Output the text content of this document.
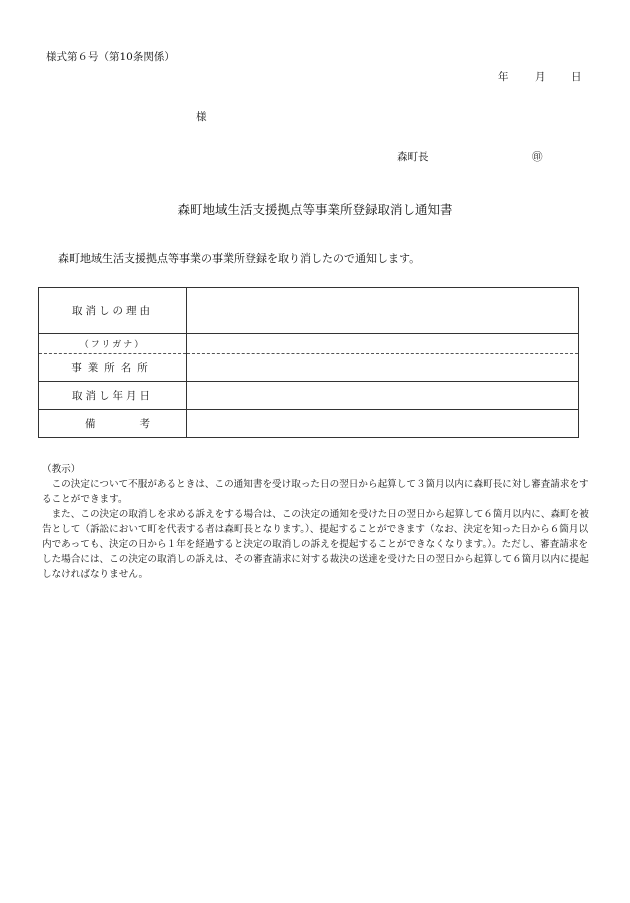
様式第６号（第10条関係）
年	月 日
様
森町長	㊞
森町地域生活支援拠点等事業所登録取消し通知書
森町地域生活支援拠点等事業の事業所登録を取り消したので通知します。
取消しの理由	
（フリガナ）	
事業所名所	
取消し年月日	

備 考	

（教示）

この決定について不服があるときは、この通知書を受け取った日の翌日から起算して３箇月以内に森町長に対し審査請求をすることができます。

また、この決定の取消しを求める訴えをする場合は、この決定の通知を受けた日の翌日から起算して６箇月以内に、森町を被告として（訴訟において町を代表する者は森町長となります。）、提起することができます（なお、決定を知った日から６箇月以内であっても、決定の日から１年を経過すると決定の取消しの訴えを提起することができなくなります。）。ただし、審査請求をした場合には、この決定の取消しの訴えは、その審査請求に対する裁決の送達を受けた日の翌日から起算して６箇月以内に提起しなければなりません。
